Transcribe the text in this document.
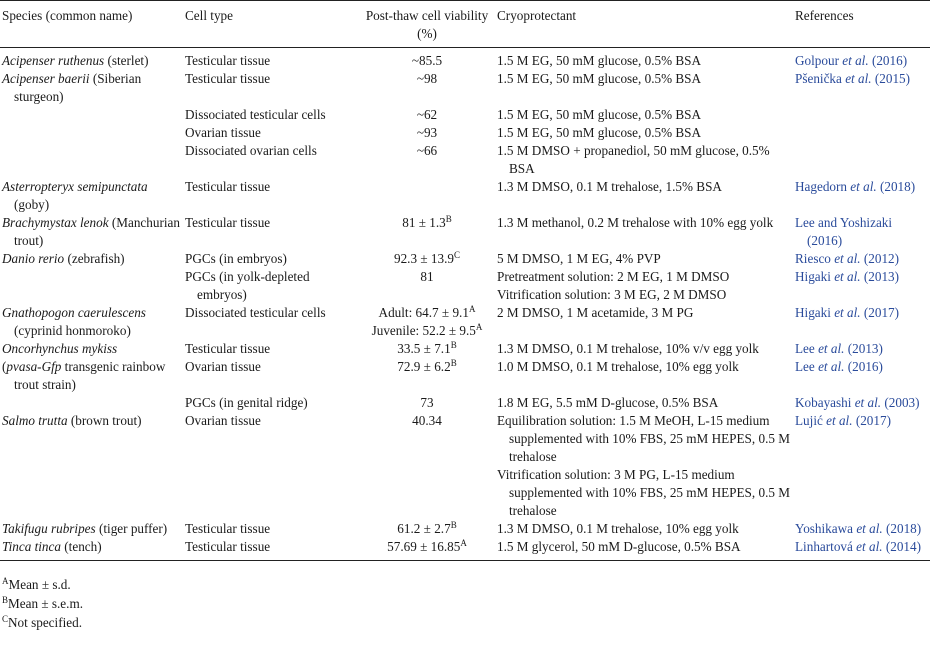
Species (common name)	Cell type	Post-thaw cell viability (%)	Cryoprotectant	References

Acipenser ruthenus (sterlet)	Testicular tissue	~85.5	1.5 M EG, 50 mM glucose, 0.5% BSA	Golpour et al. (2016)

Acipenser baerii (Siberian sturgeon)	Testicular tissue	~98	1.5 M EG, 50 mM glucose, 0.5% BSA	Pšenička et al. (2015)

	Dissociated testicular cells	~62	1.5 M EG, 50 mM glucose, 0.5% BSA	

	Ovarian tissue	~93	1.5 M EG, 50 mM glucose, 0.5% BSA	

	Dissociated ovarian cells	~66	1.5 M DMSO + propanediol, 50 mM glucose, 0.5% BSA	

Asterropteryx semipunctata (goby)	Testicular tissue		1.3 M DMSO, 0.1 M trehalose, 1.5% BSA	Hagedorn et al. (2018)

Brachymystax lenok (Manchurian trout)	Testicular tissue	$81 \pm 1.3^B$	1.3 M methanol, 0.2 M trehalose with 10% egg yolk	Lee and Yoshizaki (2016)

Danio rerio (zebrafish)	PGCs (in embryos)	$92.3 \pm 13.9^C$	5 M DMSO, 1 M EG, 4% PVP	Riesco et al. (2012)

	PGCs (in yolk-depleted embryos)	81	Pretreatment solution: 2 M EG, 1 M DMSO
Vitrification solution: 3 M EG, 2 M DMSO	Higaki et al. (2013)

Gnathopogon caerulescens (cyprinid honmoroko)	Dissociated testicular cells	Adult: $64.7 \pm 9.1^A$
Juvenile: $52.2 \pm 9.5^A$	2 M DMSO, 1 M acetamide, 3 M PG	Higaki et al. (2017)

Oncorhynchus mykiss	Testicular tissue	$33.5 \pm 7.1^B$	1.3 M DMSO, 0.1 M trehalose, 10% v/v egg yolk	Lee et al. (2013)

(pvasa-Gfp transgenic rainbow trout strain)	Ovarian tissue	$72.9 \pm 6.2^B$	1.0 M DMSO, 0.1 M trehalose, 10% egg yolk	Lee et al. (2016)

	PGCs (in genital ridge)	73	1.8 M EG, 5.5 mM D-glucose, 0.5% BSA	Kobayashi et al. (2003)

Salmo trutta (brown trout)	Ovarian tissue	40.34	Equilibration solution: 1.5 M MeOH, L-15 medium supplemented with 10% FBS, 25 mM HEPES, 0.5 M trehalose
Vitrification solution: 3 M PG, L-15 medium supplemented with 10% FBS, 25 mM HEPES, 0.5 M trehalose	Lujić et al. (2017)

Takifugu rubripes (tiger puffer)	Testicular tissue	$61.2 \pm 2.7^B$	1.3 M DMSO, 0.1 M trehalose, 10% egg yolk	Yoshikawa et al. (2018)

Tinca tinca (tench)	Testicular tissue	$57.69 \pm 16.85^A$	1.5 M glycerol, 50 mM D-glucose, 0.5% BSA	Linhartová et al. (2014)
$^A$Mean ± s.d.
$^B$Mean ± s.e.m.
$^C$Not specified.
